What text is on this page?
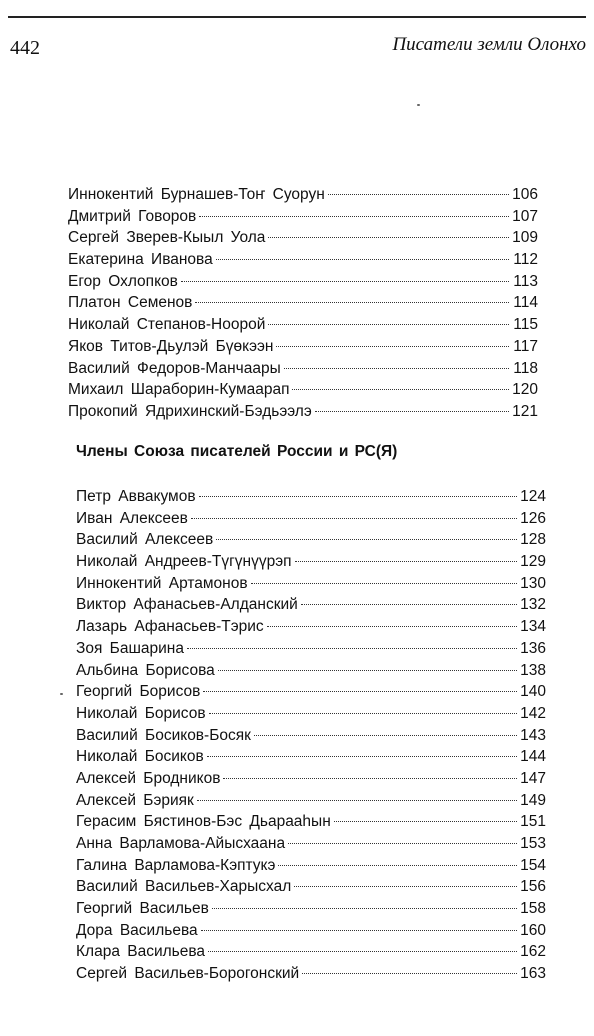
442	Писатели земли Олонхо
Иннокентий Бурнашев-Тоҥ Суорун	106
Дмитрий Говоров	107
Сергей Зверев-Кыыл Уола	109
Екатерина Иванова	112
Егор Охлопков	113
Платон Семенов	114
Николай Степанов-Ноорой	115
Яков Титов-Дьулэй Бүөкээн	117
Василий Федоров-Манчаары	118
Михаил Шараборин-Кумаарап	120
Прокопий Ядрихинский-Бэдьээлэ	121
Члены Союза писателей России и РС(Я)
Петр Аввакумов	124
Иван Алексеев	126
Василий Алексеев	128
Николай Андреев-Түгүнүүрэп	129
Иннокентий Артамонов	130
Виктор Афанасьев-Алданский	132
Лазарь Афанасьев-Тэрис	134
Зоя Башарина	136
Альбина Борисова	138
Георгий Борисов	140
Николай Борисов	142
Василий Босиков-Босяк	143
Николай Босиков	144
Алексей Бродников	147
Алексей Бэрияк	149
Герасим Бястинов-Бэс Дьарааһын	151
Анна Варламова-Айысхаана	153
Галина Варламова-Кэптукэ	154
Василий Васильев-Харысхал	156
Георгий Васильев	158
Дора Васильева	160
Клара Васильева	162
Сергей Васильев-Борогонский	163
